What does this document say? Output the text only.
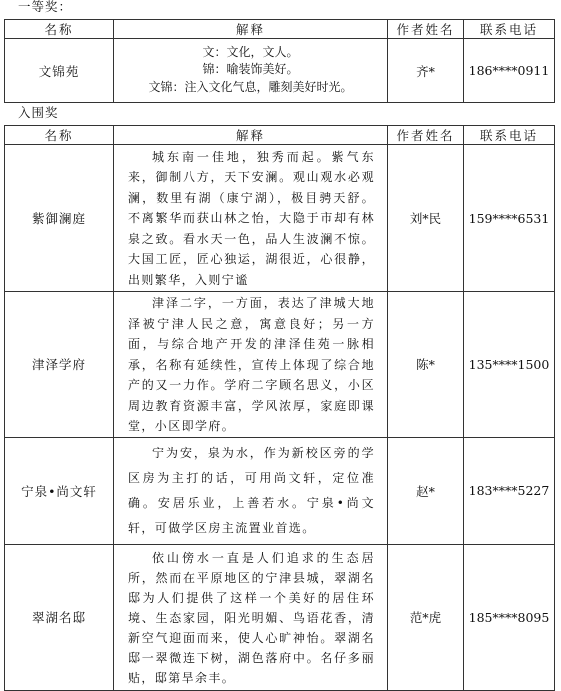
一等奖：
名称	解释	作者姓名	联系电话
文锦苑	文：文化，文人。
锦：喻装饰美好。
文锦：注入文化气息，雕刻美好时光。	齐*	186****0911
入围奖
名称	解释	作者姓名	联系电话
紫御澜庭	城东南一佳地，独秀而起。紫气东来，御制八方，天下安澜。观山观水必观澜，数里有湖（康宁湖），极目骋天舒。不离繁华而获山林之怡，大隐于市却有林泉之致。看水天一色，品人生波澜不惊。大国工匠，匠心独运，湖很近，心很静，出则繁华，入则宁谧	刘*民	159****6531
津泽学府	津泽二字，一方面，表达了津城大地泽被宁津人民之意，寓意良好；另一方面，与综合地产开发的津泽佳苑一脉相承，名称有延续性，宣传上体现了综合地产的又一力作。学府二字顾名思义，小区周边教育资源丰富，学风浓厚，家庭即课堂，小区即学府。	陈*	135****1500
宁泉•尚文轩	宁为安，泉为水，作为新校区旁的学区房为主打的话，可用尚文轩，定位准确。安居乐业，上善若水。宁泉•尚文轩，可做学区房主流置业首选。	赵*	183****5227
翠湖名邸	依山傍水一直是人们追求的生态居所，然而在平原地区的宁津县城，翠湖名邸为人们提供了这样一个美好的居住环境、生态家园，阳光明媚、鸟语花香，清新空气迎面而来，使人心旷神怡。翠湖名邸一翠微连下树，湖色落府中。名仔多丽贴，邸第旱余丰。	范*虎	185****8095
